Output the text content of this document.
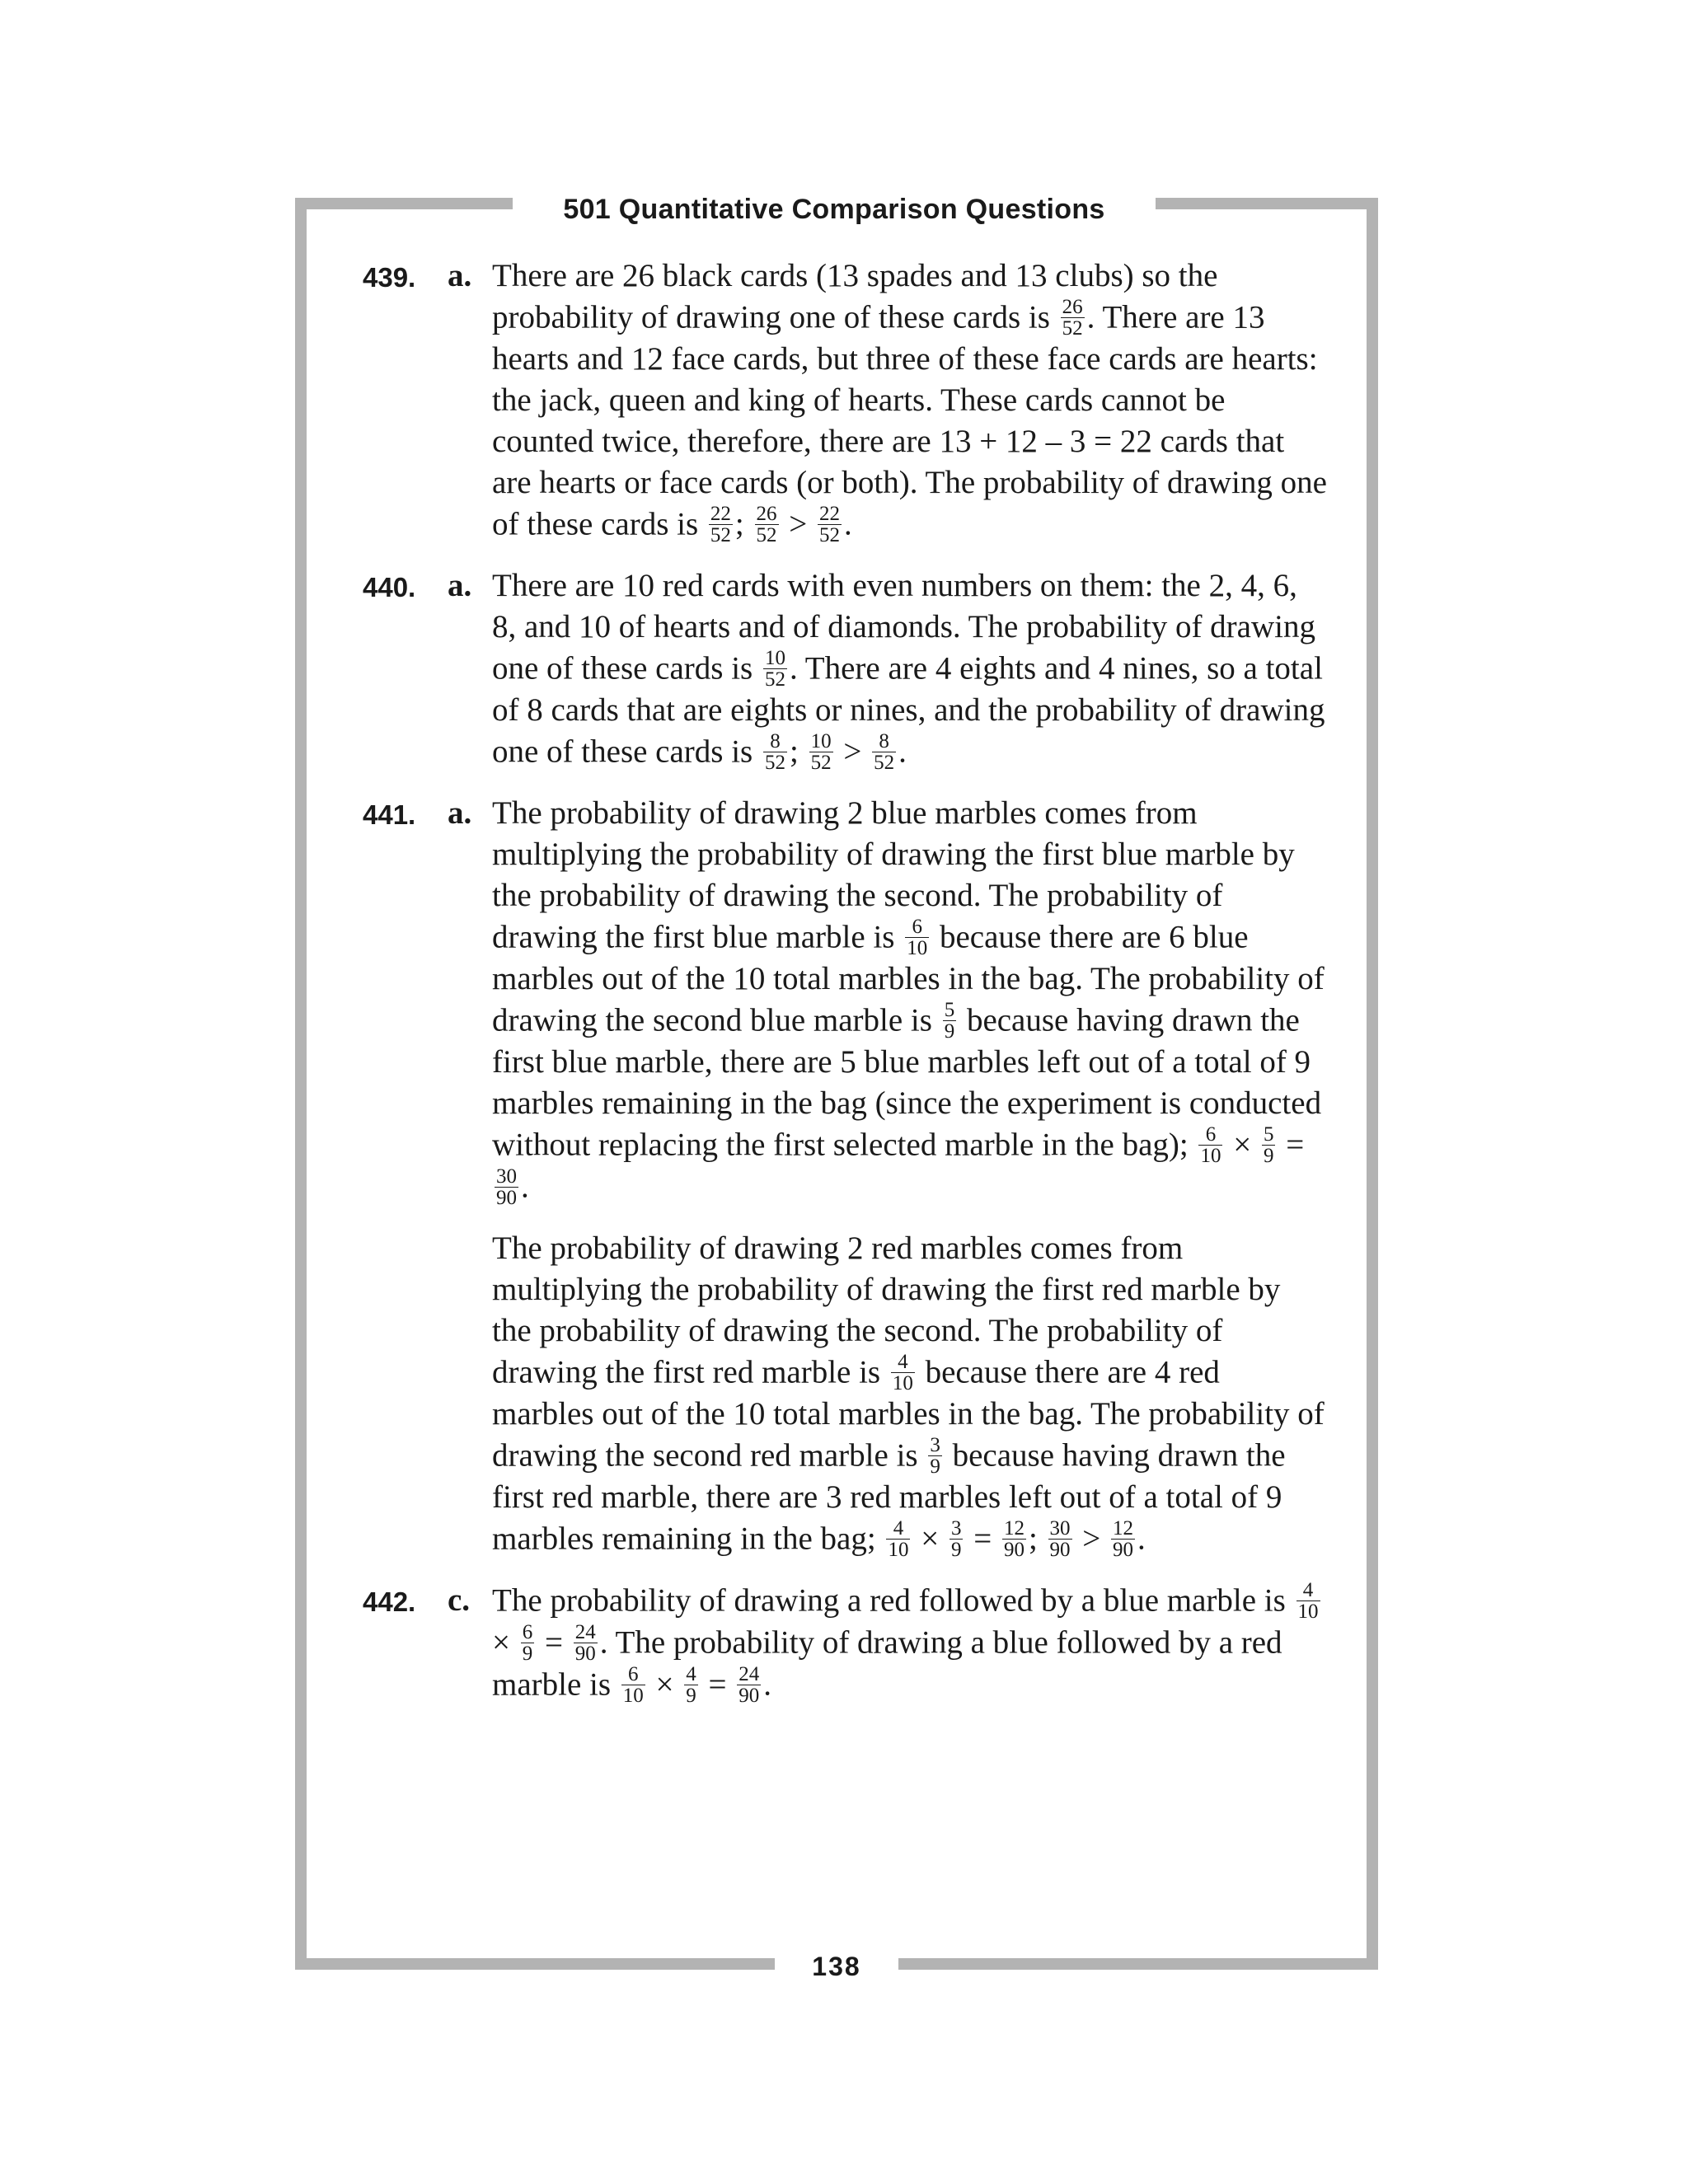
501 Quantitative Comparison Questions
138
439. a. There are 26 black cards (13 spades and 13 clubs) so the probability of drawing one of these cards is $\frac{26}{52}$ . There are 13 hearts and 12 face cards, but three of these face cards are hearts: the jack, queen and king of hearts. These cards cannot be counted twice, therefore, there are 13 + 12 – 3 = 22 cards that are hearts or face cards (or both). The probability of drawing one of these cards is $\frac{22}{52}$ ; $\frac{26}{52} > \frac{22}{52}$ .

440. a. There are 10 red cards with even numbers on them: the 2, 4, 6, 8, and 10 of hearts and of diamonds. The probability of drawing one of these cards is $\frac{10}{52}$ . There are 4 eights and 4 nines, so a total of 8 cards that are eights or nines, and the probability of drawing one of these cards is $\frac{8}{52}$ ; $\frac{10}{52} > \frac{8}{52}$ .

441. a. The probability of drawing 2 blue marbles comes from multiplying the probability of drawing the first blue marble by the probability of drawing the second. The probability of drawing the first blue marble is $\frac{6}{10}$ because there are 6 blue marbles out of the 10 total marbles in the bag. The probability of drawing the second blue marble is $\frac{5}{9}$ because having drawn the first blue marble, there are 5 blue marbles left out of a total of 9 marbles remaining in the bag (since the experiment is conducted without replacing the first selected marble in the bag); $\frac{6}{10} \times \frac{5}{9}$ =
$\frac{30}{90}$ .

The probability of drawing 2 red marbles comes from multiplying the probability of drawing the first red marble by the probability of drawing the second. The probability of drawing the first red marble is $\frac{4}{10}$ because there are 4 red marbles out of the 10 total marbles in the bag. The probability of drawing the second red marble is $\frac{3}{9}$ because having drawn the first red marble, there are 3 red marbles left out of a total of 9 marbles remaining in the bag; $\frac{4}{10} \times \frac{3}{9} = \frac{12}{90}$ ; $\frac{30}{90} > \frac{12}{90}$ .

442. c. The probability of drawing a red followed by a blue marble is $\frac{4}{10}$
× $\frac{6}{9} = \frac{24}{90}$ . The probability of drawing a blue followed by a red marble is $\frac{6}{10} \times \frac{4}{9} = \frac{24}{90}$ .
